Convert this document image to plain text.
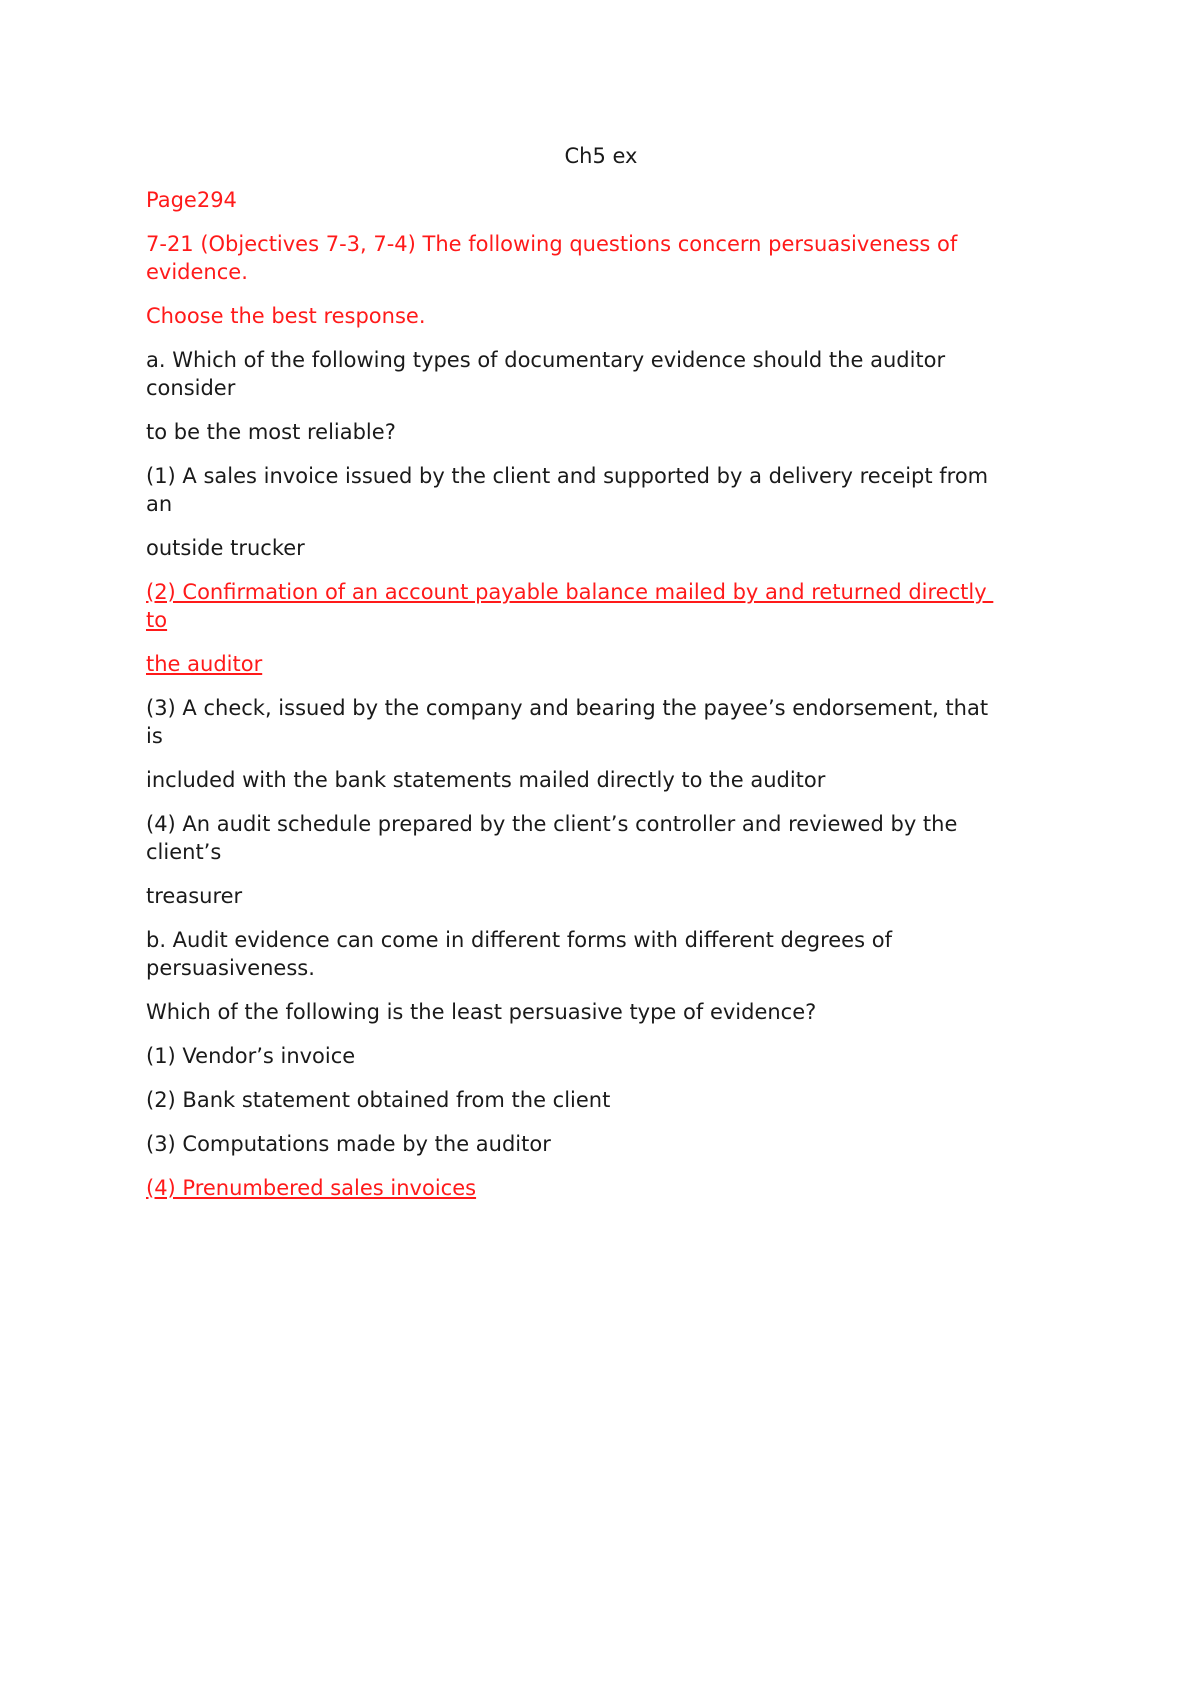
Ch5 ex

Page294

7-21 (Objectives 7-3, 7-4) The following questions concern persuasiveness of
evidence.

Choose the best response.

a. Which of the following types of documentary evidence should the auditor
consider

to be the most reliable?

(1) A sales invoice issued by the client and supported by a delivery receipt from
an

outside trucker

(2) Confirmation of an account payable balance mailed by and returned directly
to

the auditor

(3) A check, issued by the company and bearing the payee’s endorsement, that
is

included with the bank statements mailed directly to the auditor

(4) An audit schedule prepared by the client’s controller and reviewed by the
client’s

treasurer

b. Audit evidence can come in different forms with different degrees of
persuasiveness.

Which of the following is the least persuasive type of evidence?

(1) Vendor’s invoice

(2) Bank statement obtained from the client

(3) Computations made by the auditor

(4) Prenumbered sales invoices
